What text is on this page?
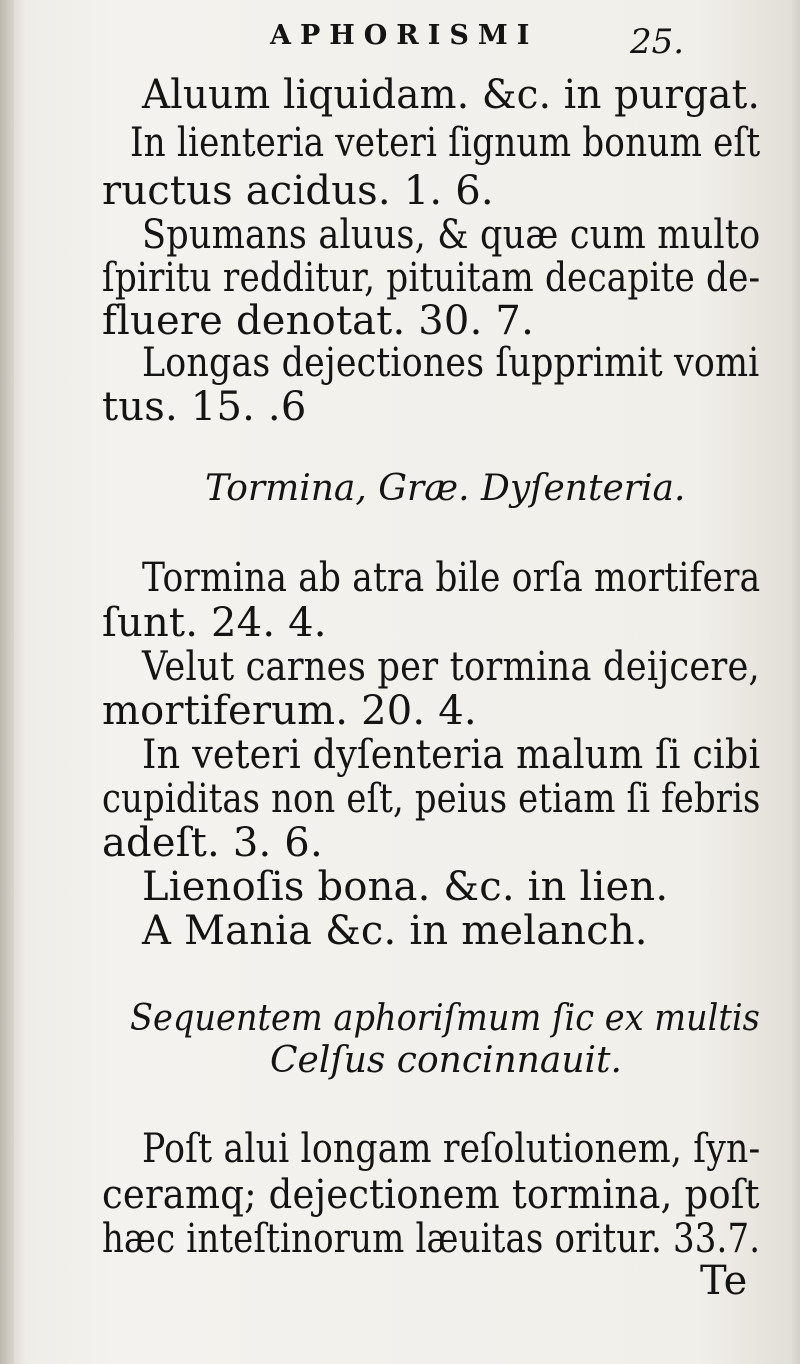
APHORISMI	25.
Aluum liquidam. &c. in purgat.
In lienteria veteri ſignum bonum eſt
ructus acidus. 1. 6.
Spumans aluus, & quæ cum multo
ſpiritu redditur, pituitam decapite de-
fluere denotat. 30. 7.
Longas dejectiones ſupprimit vomi
tus. 15. .6
Tormina, Græ. Dyſenteria.
Tormina ab atra bile orſa mortifera
ſunt. 24. 4.
Velut carnes per tormina deijcere,
mortiferum. 20. 4.
In veteri dyſenteria malum ſi cibi
cupiditas non eſt, peius etiam ſi febris
adeſt. 3. 6.
Lienoſis bona. &c. in lien.
A Mania &c. in melanch.
Sequentem aphoriſmum ſic ex multis
Celſus concinnauit.
Poſt alui longam reſolutionem, ſyn-
ceramq; dejectionem tormina, poſt
hæc inteſtinorum læuitas oritur. 33.7.
Te
